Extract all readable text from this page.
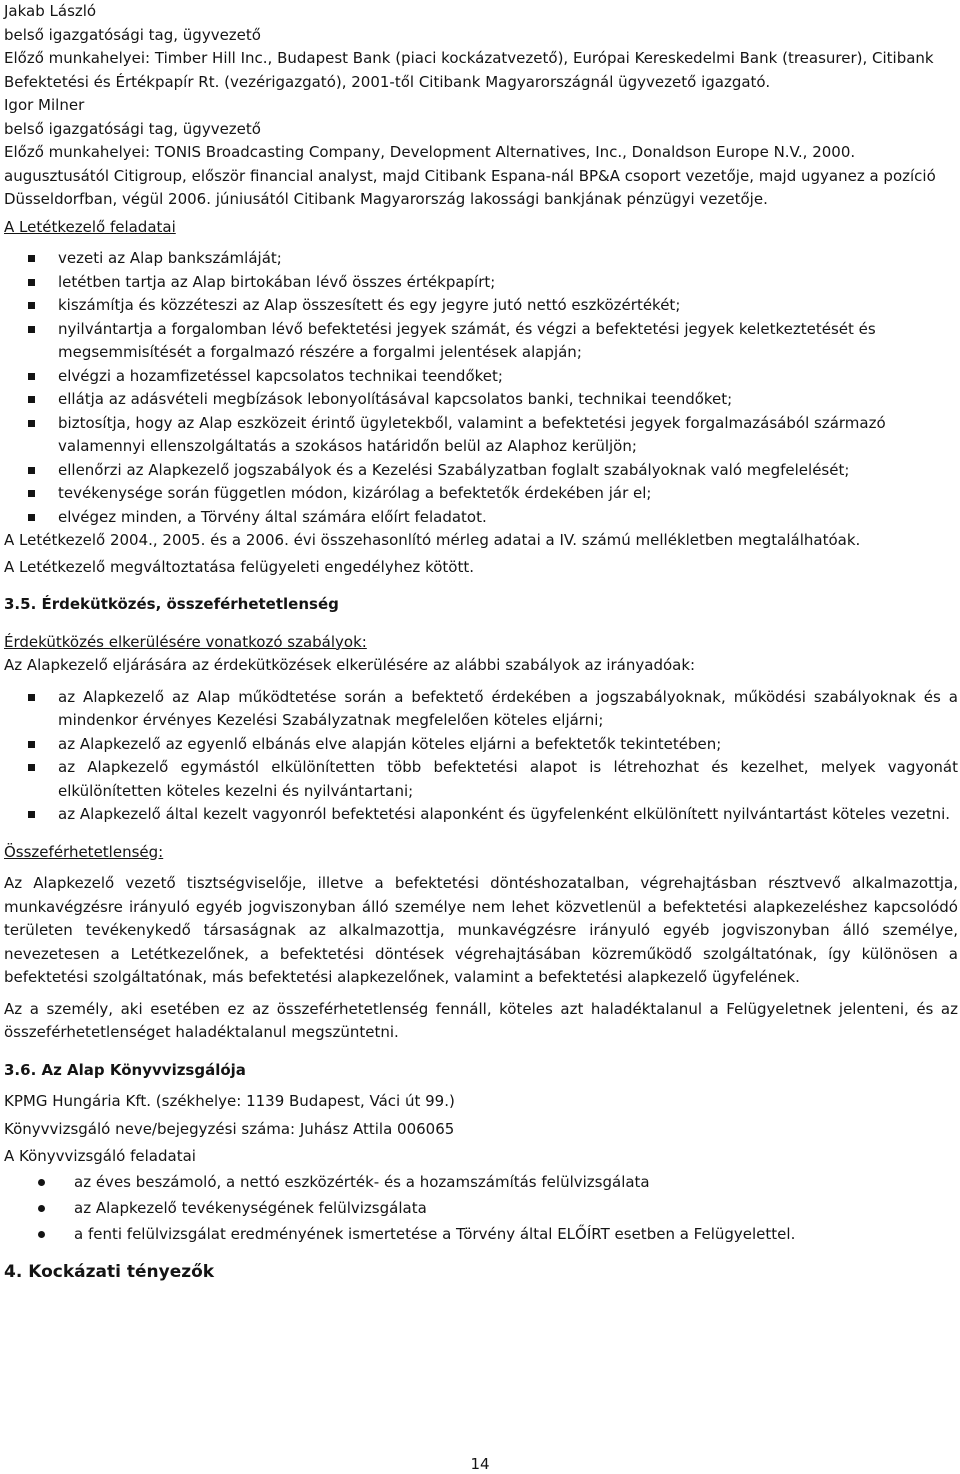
Jakab László

belső igazgatósági tag, ügyvezető

Előző munkahelyei: Timber Hill Inc., Budapest Bank (piaci kockázatvezető), Európai Kereskedelmi Bank (treasurer), Citibank Befektetési és Értékpapír Rt. (vezérigazgató), 2001-től Citibank Magyarországnál ügyvezető igazgató.

Igor Milner

belső igazgatósági tag, ügyvezető

Előző munkahelyei: TONIS Broadcasting Company, Development Alternatives, Inc., Donaldson Europe N.V., 2000. augusztusától Citigroup, először financial analyst, majd Citibank Espana-nál BP&A csoport vezetője, majd ugyanez a pozíció Düsseldorfban, végül 2006. júniusától Citibank Magyarország lakossági bankjának pénzügyi vezetője.

A Letétkezelő feladatai

vezeti az Alap bankszámláját;
letétben tartja az Alap birtokában lévő összes értékpapírt;
kiszámítja és közzéteszi az Alap összesített és egy jegyre jutó nettó eszközértékét;
nyilvántartja a forgalomban lévő befektetési jegyek számát, és végzi a befektetési jegyek keletkeztetését és megsemmisítését a forgalmazó részére a forgalmi jelentések alapján;
elvégzi a hozamfizetéssel kapcsolatos technikai teendőket;
ellátja az adásvételi megbízások lebonyolításával kapcsolatos banki, technikai teendőket;
biztosítja, hogy az Alap eszközeit érintő ügyletekből, valamint a befektetési jegyek forgalmazásából származó valamennyi ellenszolgáltatás a szokásos határidőn belül az Alaphoz kerüljön;
ellenőrzi az Alapkezelő jogszabályok és a Kezelési Szabályzatban foglalt szabályoknak való megfelelését;
tevékenysége során független módon, kizárólag a befektetők érdekében jár el;
elvégez minden, a Törvény által számára előírt feladatot.

A Letétkezelő 2004., 2005. és a 2006. évi összehasonlító mérleg adatai a IV. számú mellékletben megtalálhatóak.

A Letétkezelő megváltoztatása felügyeleti engedélyhez kötött.

3.5. Érdekütközés, összeférhetetlenség

Érdekütközés elkerülésére vonatkozó szabályok:

Az Alapkezelő eljárására az érdekütközések elkerülésére az alábbi szabályok az irányadóak:

az Alapkezelő az Alap működtetése során a befektető érdekében a jogszabályoknak, működési szabályoknak és a mindenkor érvényes Kezelési Szabályzatnak megfelelően köteles eljárni;
az Alapkezelő az egyenlő elbánás elve alapján köteles eljárni a befektetők tekintetében;
az Alapkezelő egymástól elkülönítetten több befektetési alapot is létrehozhat és kezelhet, melyek vagyonát elkülönítetten köteles kezelni és nyilvántartani;
az Alapkezelő által kezelt vagyonról befektetési alaponként és ügyfelenként elkülönített nyilvántartást köteles vezetni.

Összeférhetetlenség:

Az Alapkezelő vezető tisztségviselője, illetve a befektetési döntéshozatalban, végrehajtásban résztvevő alkalmazottja, munkavégzésre irányuló egyéb jogviszonyban álló személye nem lehet közvetlenül a befektetési alapkezeléshez kapcsolódó területen tevékenykedő társaságnak az alkalmazottja, munkavégzésre irányuló egyéb jogviszonyban álló személye, nevezetesen a Letétkezelőnek, a befektetési döntések végrehajtásában közreműködő szolgáltatónak, így különösen a befektetési szolgáltatónak, más befektetési alapkezelőnek, valamint a befektetési alapkezelő ügyfelének.

Az a személy, aki esetében ez az összeférhetetlenség fennáll, köteles azt haladéktalanul a Felügyeletnek jelenteni, és az összeférhetetlenséget haladéktalanul megszüntetni.

3.6. Az Alap Könyvvizsgálója

KPMG Hungária Kft. (székhelye: 1139 Budapest, Váci út 99.)

Könyvvizsgáló neve/bejegyzési száma: Juhász Attila 006065

A Könyvvizsgáló feladatai

az éves beszámoló, a nettó eszközérték- és a hozamszámítás felülvizsgálata
az Alapkezelő tevékenységének felülvizsgálata
a fenti felülvizsgálat eredményének ismertetése a Törvény által ELŐÍRT esetben a Felügyelettel.

4. Kockázati tényezők

14
